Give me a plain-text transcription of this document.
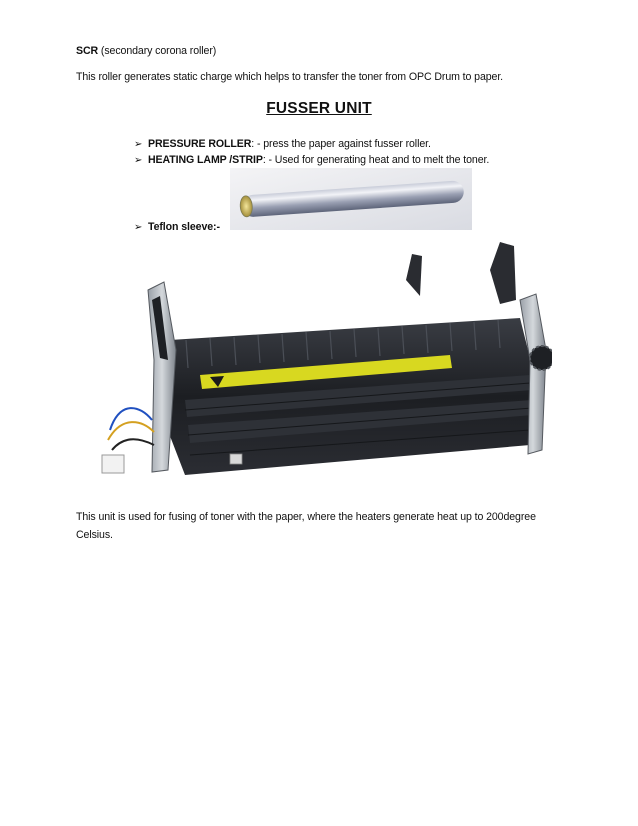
SCR (secondary corona roller)
This roller generates static charge which helps to transfer the toner from OPC Drum to paper.
FUSSER UNIT
➢ PRESSURE ROLLER: - press the paper against fusser roller.
➢ HEATING LAMP /STRIP: - Used for generating heat and to melt the toner.
➢ Teflon sleeve:-
This unit is used for fusing of toner with the paper, where the heaters generate heat up to 200degree Celsius.
